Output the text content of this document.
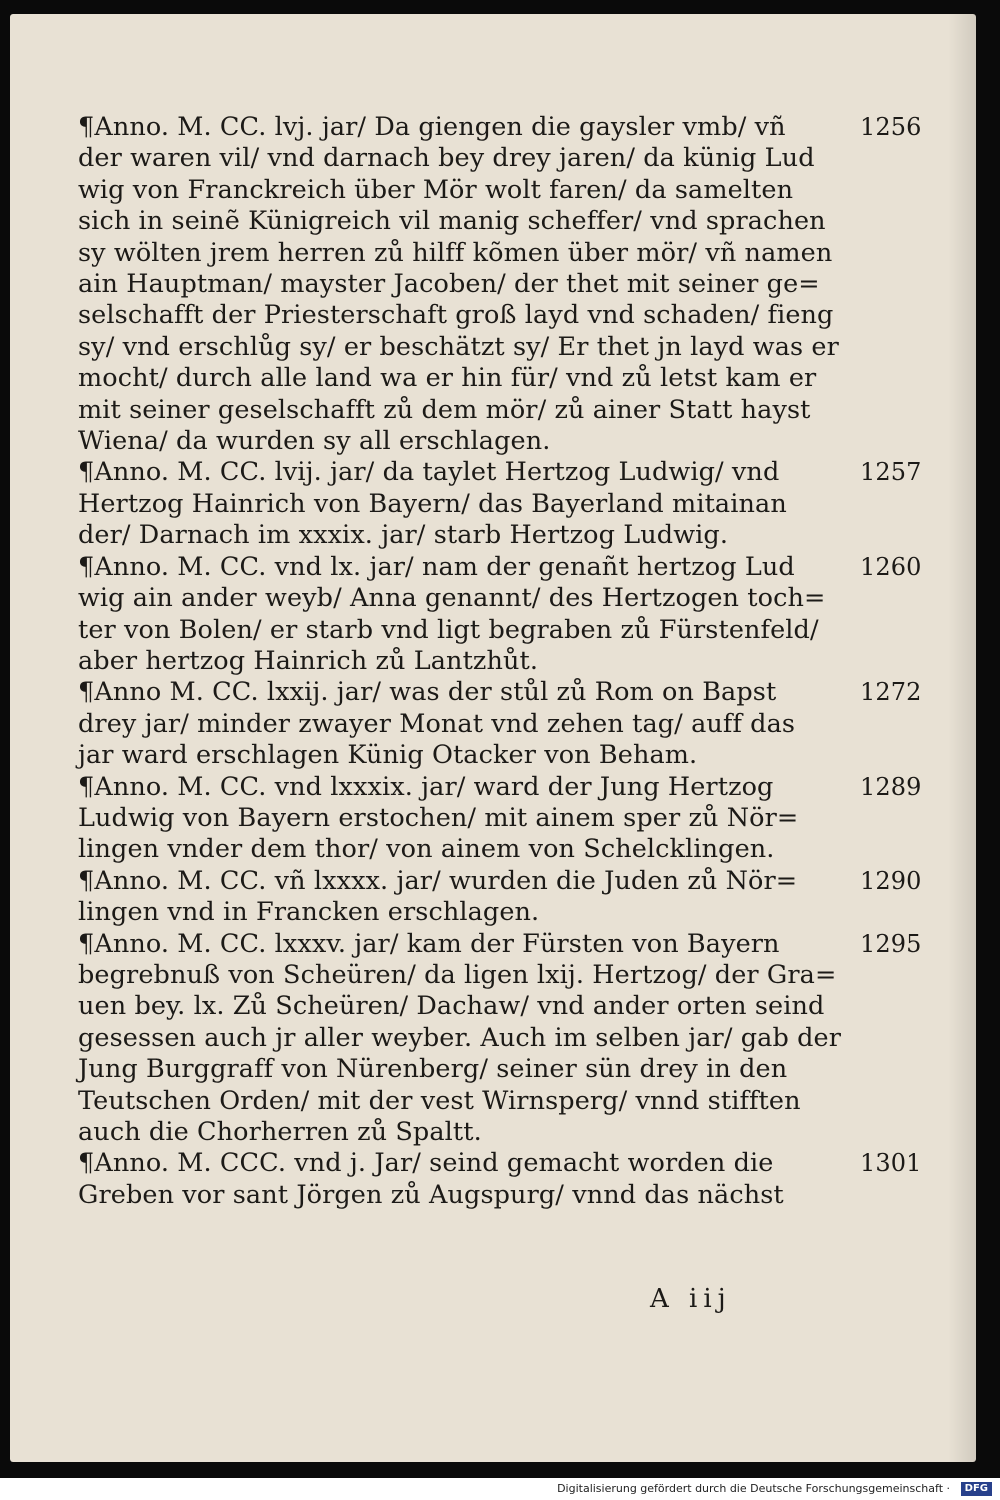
¶Anno. M. CC. lvj. jar/ Da giengen die gaysler vmb/ vñ
der waren vil/ vnd darnach bey drey jaren/ da künig Lud
wig von Franckreich über Mör wolt faren/ da samelten
sich in seinẽ Künigreich vil manig scheffer/ vnd sprachen
sy wölten jrem herren zů hilff kõmen über mör/ vñ namen
ain Hauptman/ mayster Jacoben/ der thet mit seiner ge=
selschafft der Priesterschaft groß layd vnd schaden/ fieng
sy/ vnd erschlůg sy/ er beschätzt sy/ Er thet jn layd was er
mocht/ durch alle land wa er hin für/ vnd zů letst kam er
mit seiner geselschafft zů dem mör/ zů ainer Statt hayst
Wiena/ da wurden sy all erschlagen.
1256
¶Anno. M. CC. lvij. jar/ da taylet Hertzog Ludwig/ vnd
Hertzog Hainrich von Bayern/ das Bayerland mitainan
der/ Darnach im xxxix. jar/ starb Hertzog Ludwig.
1257
¶Anno. M. CC. vnd lx. jar/ nam der genañt hertzog Lud
wig ain ander weyb/ Anna genannt/ des Hertzogen toch=
ter von Bolen/ er starb vnd ligt begraben zů Fürstenfeld/
aber hertzog Hainrich zů Lantzhůt.
1260
¶Anno M. CC. lxxij. jar/ was der stůl zů Rom on Bapst
drey jar/ minder zwayer Monat vnd zehen tag/ auff das
jar ward erschlagen Künig Otacker von Beham.
1272
¶Anno. M. CC. vnd lxxxix. jar/ ward der Jung Hertzog
Ludwig von Bayern erstochen/ mit ainem sper zů Nör=
lingen vnder dem thor/ von ainem von Schelcklingen.
1289
¶Anno. M. CC. vñ lxxxx. jar/ wurden die Juden zů Nör=
lingen vnd in Francken erschlagen.
1290
¶Anno. M. CC. lxxxv. jar/ kam der Fürsten von Bayern
begrebnuß von Scheüren/ da ligen lxij. Hertzog/ der Gra=
uen bey. lx. Zů Scheüren/ Dachaw/ vnd ander orten seind
gesessen auch jr aller weyber. Auch im selben jar/ gab der
Jung Burggraff von Nürenberg/ seiner sün drey in den
Teutschen Orden/ mit der vest Wirnsperg/ vnnd stifften
auch die Chorherren zů Spaltt.
1295
¶Anno. M. CCC. vnd j. Jar/ seind gemacht worden die
Greben vor sant Jörgen zů Augspurg/ vnnd das nächst
1301
A iij
Digitalisierung gefördert durch die Deutsche Forschungsgemeinschaft ·	DFG
